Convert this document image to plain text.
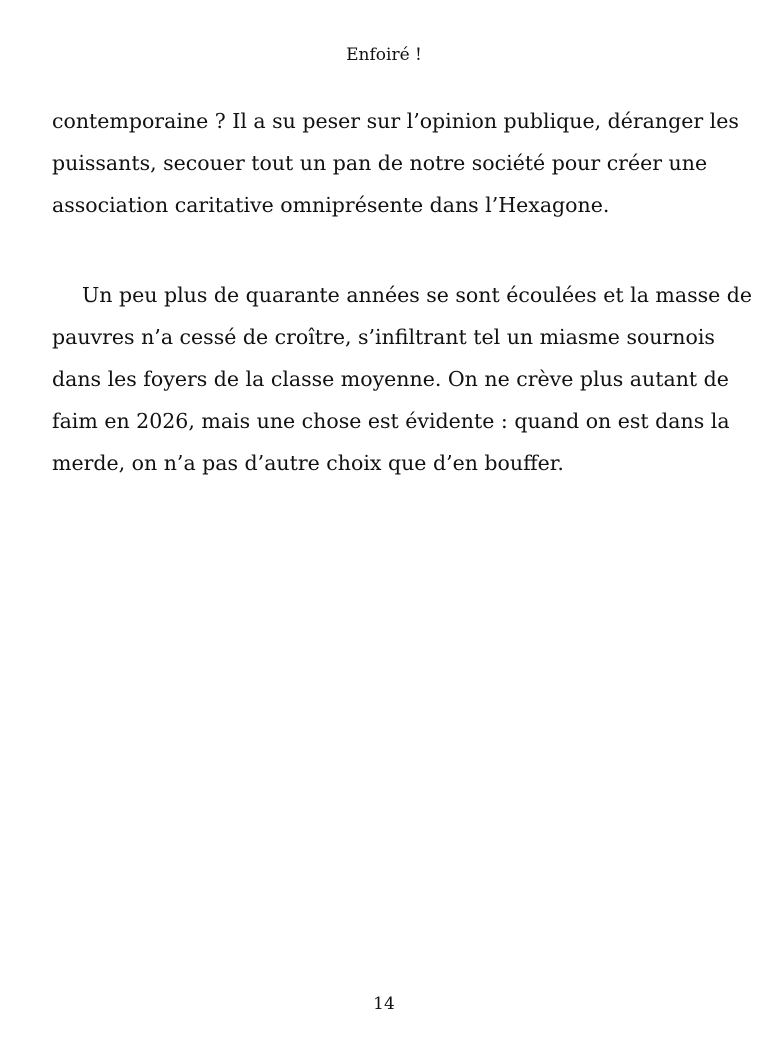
Enfoiré !
contemporaine ? Il a su peser sur l’opinion publique, déranger les
puissants, secouer tout un pan de notre société pour créer une
association caritative omniprésente dans l’Hexagone.
Un peu plus de quarante années se sont écoulées et la masse de
pauvres n’a cessé de croître, s’infiltrant tel un miasme sournois
dans les foyers de la classe moyenne. On ne crève plus autant de
faim en 2026, mais une chose est évidente : quand on est dans la
merde, on n’a pas d’autre choix que d’en bouffer.
14
